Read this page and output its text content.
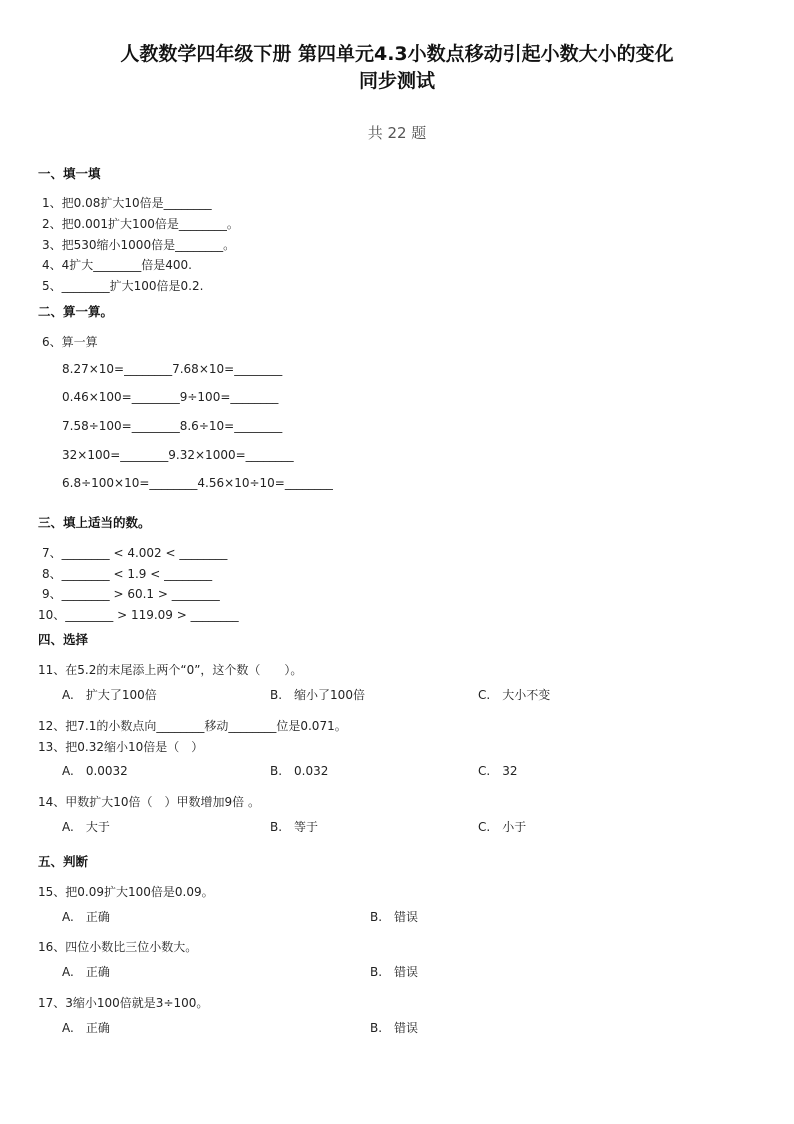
人教数学四年级下册 第四单元4.3小数点移动引起小数大小的变化
同步测试
共 22 题
一、填一填
1、把0.08扩大10倍是________
2、把0.001扩大100倍是________。
3、把530缩小1000倍是________。
4、4扩大________倍是400.
5、________扩大100倍是0.2.
二、算一算。
6、算一算
8.27×10=________7.68×10=________
0.46×100=________9÷100=________
7.58÷100=________8.6÷10=________
32×100=________9.32×1000=________
6.8÷100×10=________4.56×10÷10=________
三、填上适当的数。
7、________ < 4.002 < ________
8、________ < 1.9 < ________
9、________ > 60.1 > ________
10、________ > 119.09 > ________
四、选择
11、在5.2的末尾添上两个“0”，这个数（　　）。
A.　扩大了100倍	B.　缩小了100倍	C.　大小不变
12、把7.1的小数点向________移动________位是0.071。
13、把0.32缩小10倍是（　）
A.　0.0032	B.　0.032	C.　32
14、甲数扩大10倍（　）甲数增加9倍 。
A.　大于	B.　等于	C.　小于
五、判断
15、把0.09扩大100倍是0.09。
A.　正确	B.　错误
16、四位小数比三位小数大。
A.　正确	B.　错误
17、3缩小100倍就是3÷100。
A.　正确	B.　错误
